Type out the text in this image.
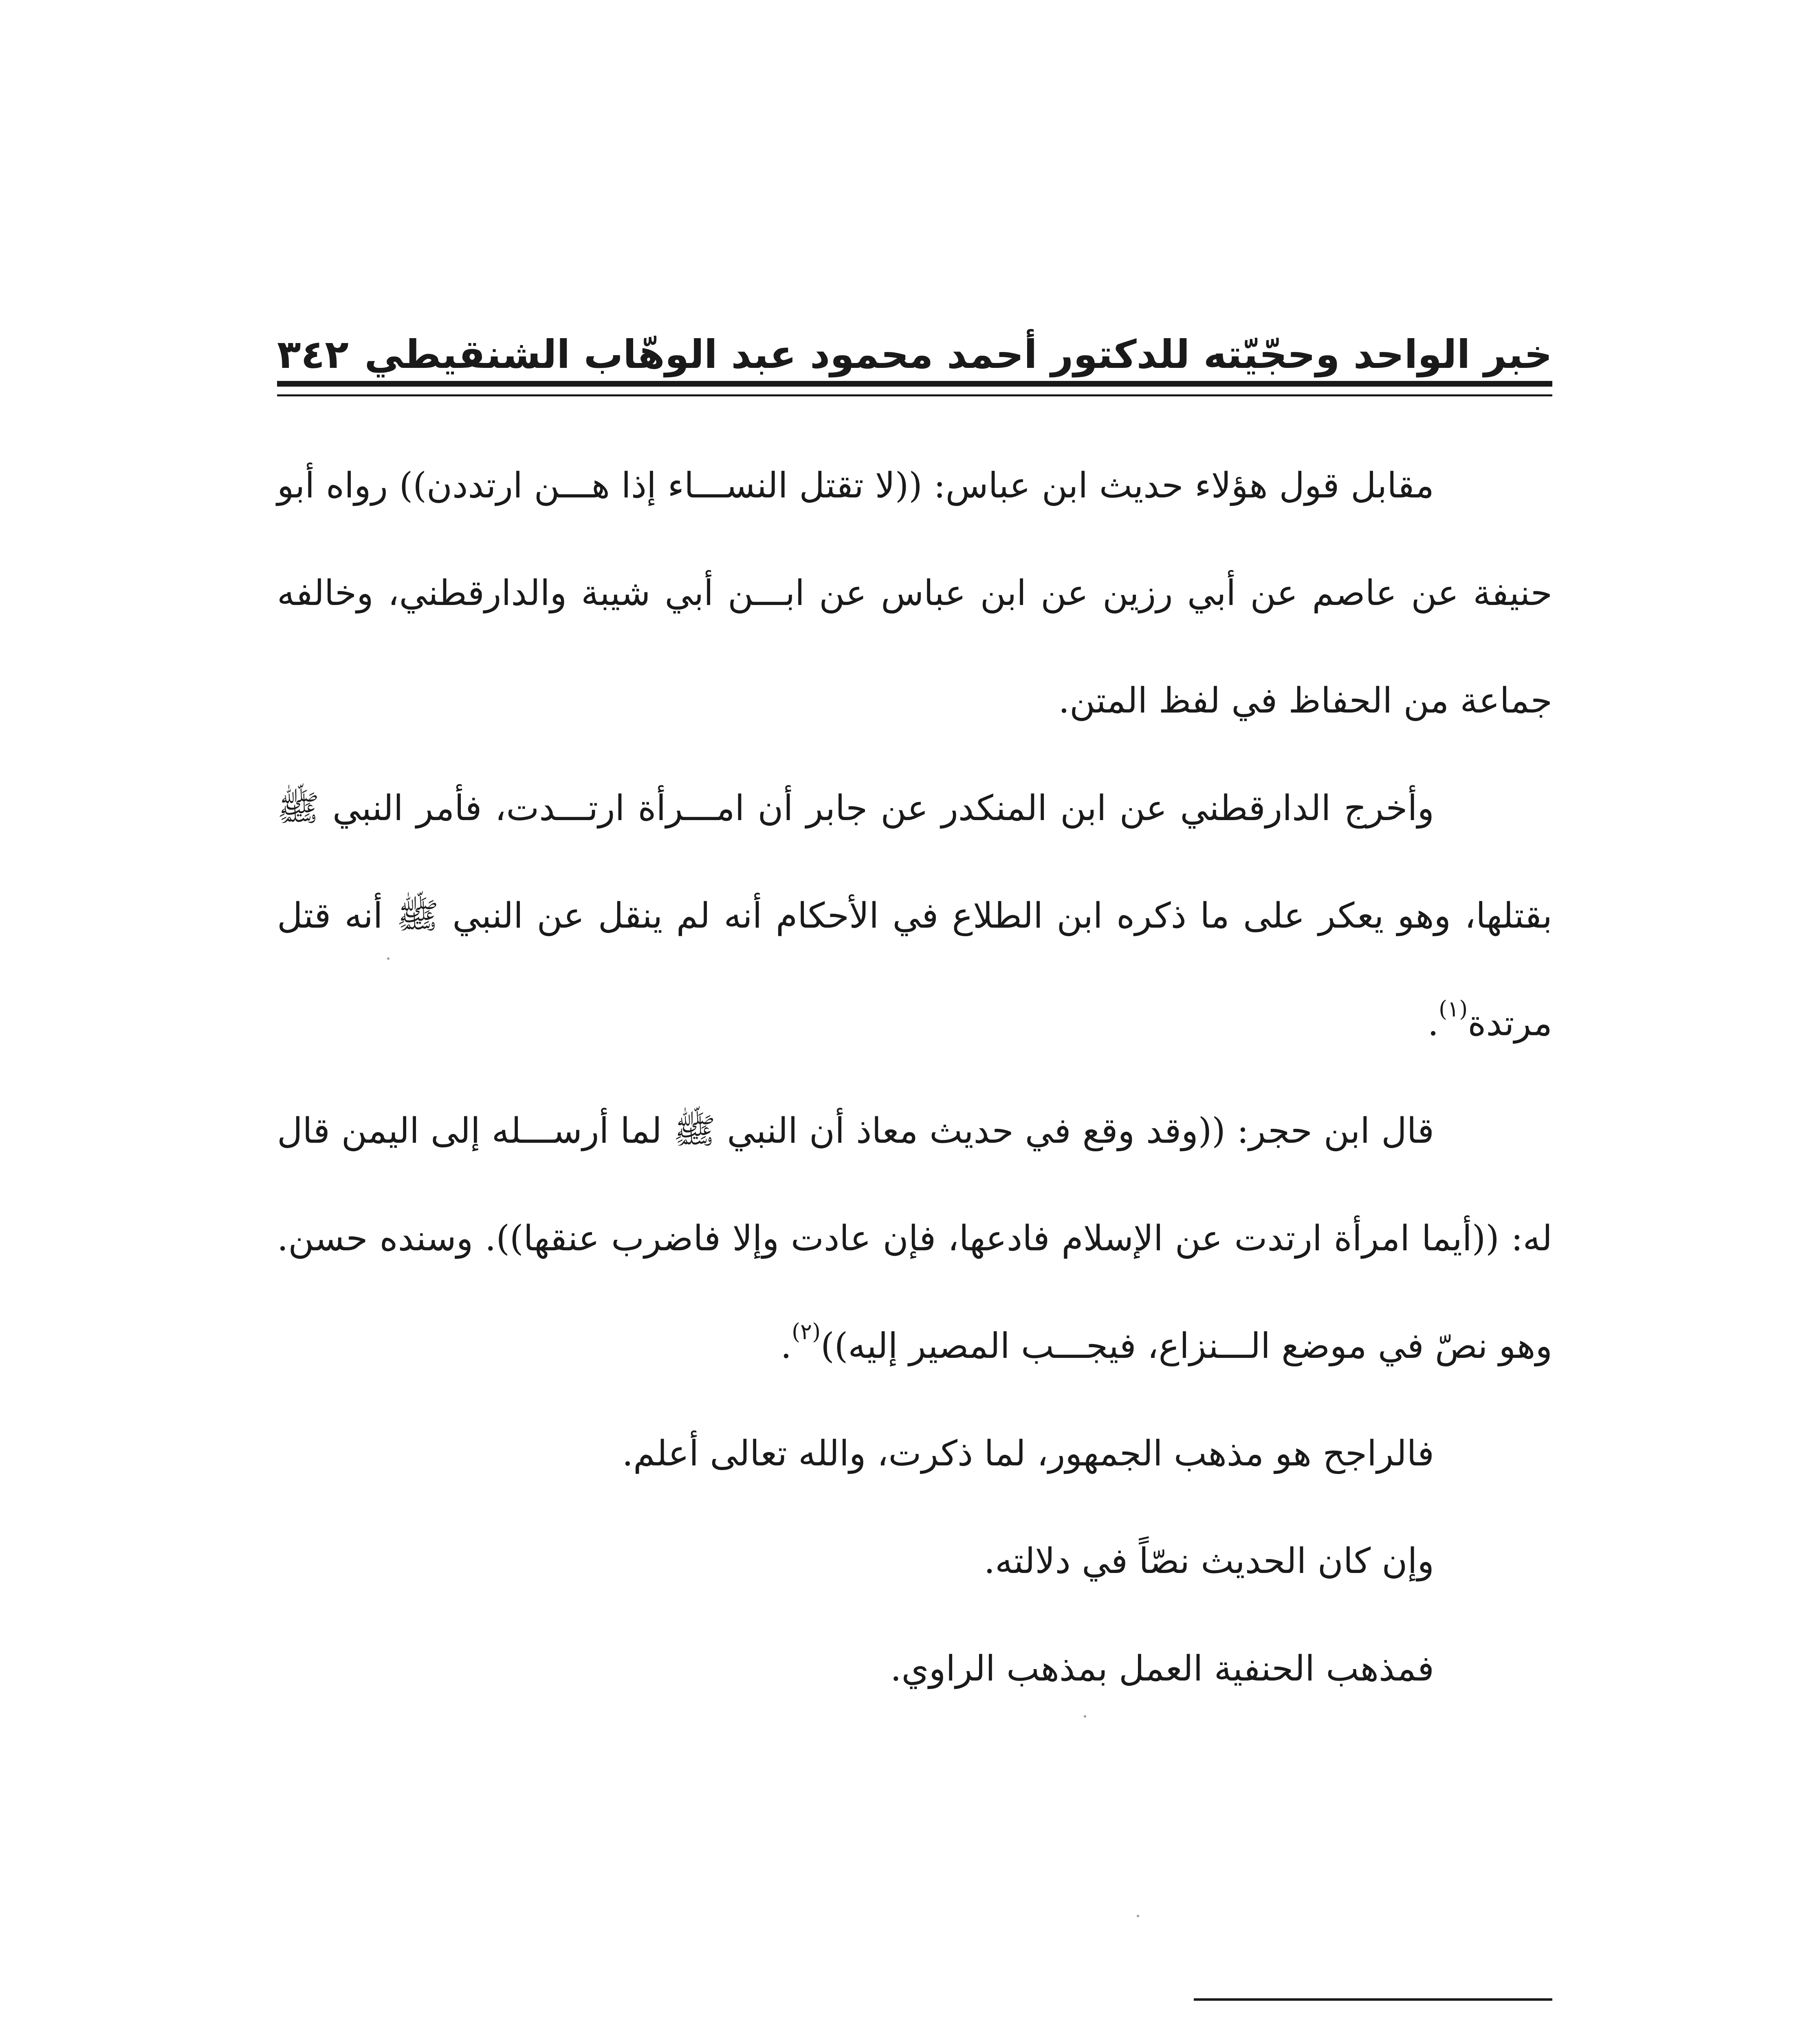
خبر الواحد وحجّيّته للدكتور أحمد محمود عبد الوهّاب الشنقيطي
٣٤٢

مقابل قول هؤلاء حديث ابن عباس: ((لا تقتل النســـاء إذا هـــن ارتددن)) رواه أبو حنيفة عن عاصم عن أبي رزين عن ابن عباس عن ابـــن أبي شيبة والدارقطني، وخالفه جماعة من الحفاظ في لفظ المتن.

وأخرج الدارقطني عن ابن المنكدر عن جابر أن امـــرأة ارتـــدت، فأمر النبي ﷺ بقتلها، وهو يعكر على ما ذكره ابن الطلاع في الأحكام أنه لم ينقل عن النبي ﷺ أنه قتل مرتدة$^{(١)}$.

قال ابن حجر: ((وقد وقع في حديث معاذ أن النبي ﷺ لما أرســـله إلى اليمن قال له: ((أيما امرأة ارتدت عن الإسلام فادعها، فإن عادت وإلا فاضرب عنقها)). وسنده حسن. وهو نصّ في موضع الـــنزاع، فيجـــب المصير إليه))$^{(٢)}$.

فالراجح هو مذهب الجمهور، لما ذكرت، والله تعالى أعلم.

وإن كان الحديث نصّاً في دلالته.

فمذهب الحنفية العمل بمذهب الراوي.
